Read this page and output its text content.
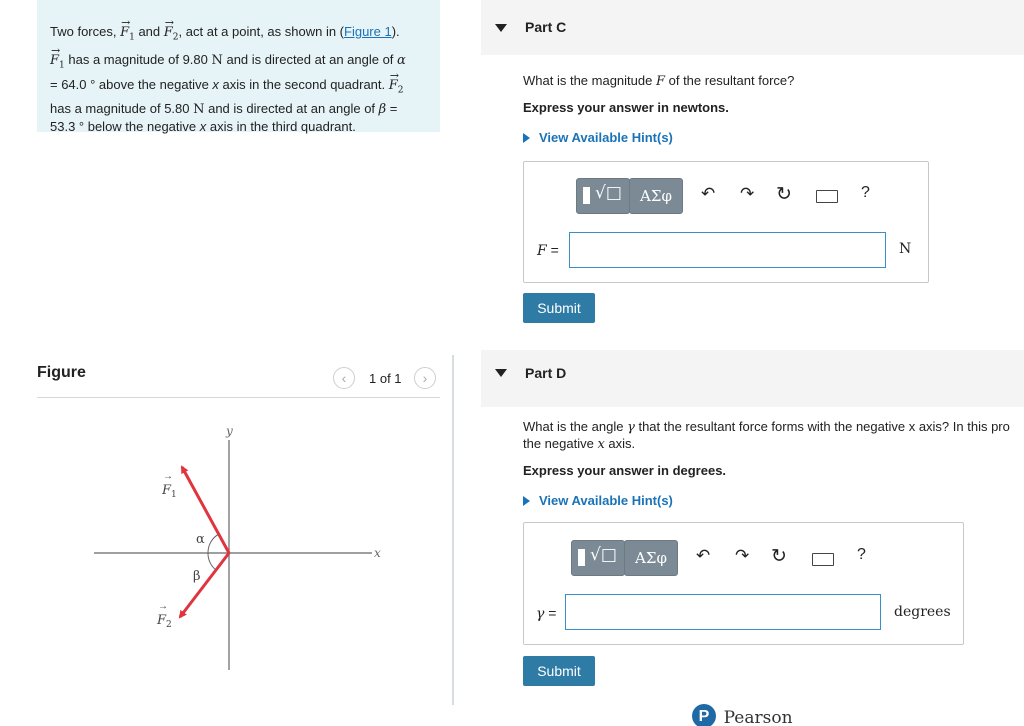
Two forces, → $F_1$ and → $F_2$, act at a point, as shown in (Figure 1).
→ $F_1$ has a magnitude of 9.80 N and is directed at an angle of α
= 64.0 ° above the negative x axis in the second quadrant. → $F_2$
has a magnitude of 5.80 N and is directed at an angle of β =
53.3 ° below the negative x axis in the third quadrant.
Figure	‹	1 of 1	›
y
x
α
β
$F_1$
→
$F_2$
→
Part C
What is the magnitude F of the resultant force?
Express your answer in newtons.
View Available Hint(s)
√□	ΑΣφ	↶ ↷ ↻	?
F =	N
Submit
Part D
What is the angle γ that the resultant force forms with the negative x axis? In this pro
the negative x axis.
Express your answer in degrees.
View Available Hint(s)
√□	ΑΣφ	↶ ↷ ↻	?
γ =	degrees
Submit
P Pearson
